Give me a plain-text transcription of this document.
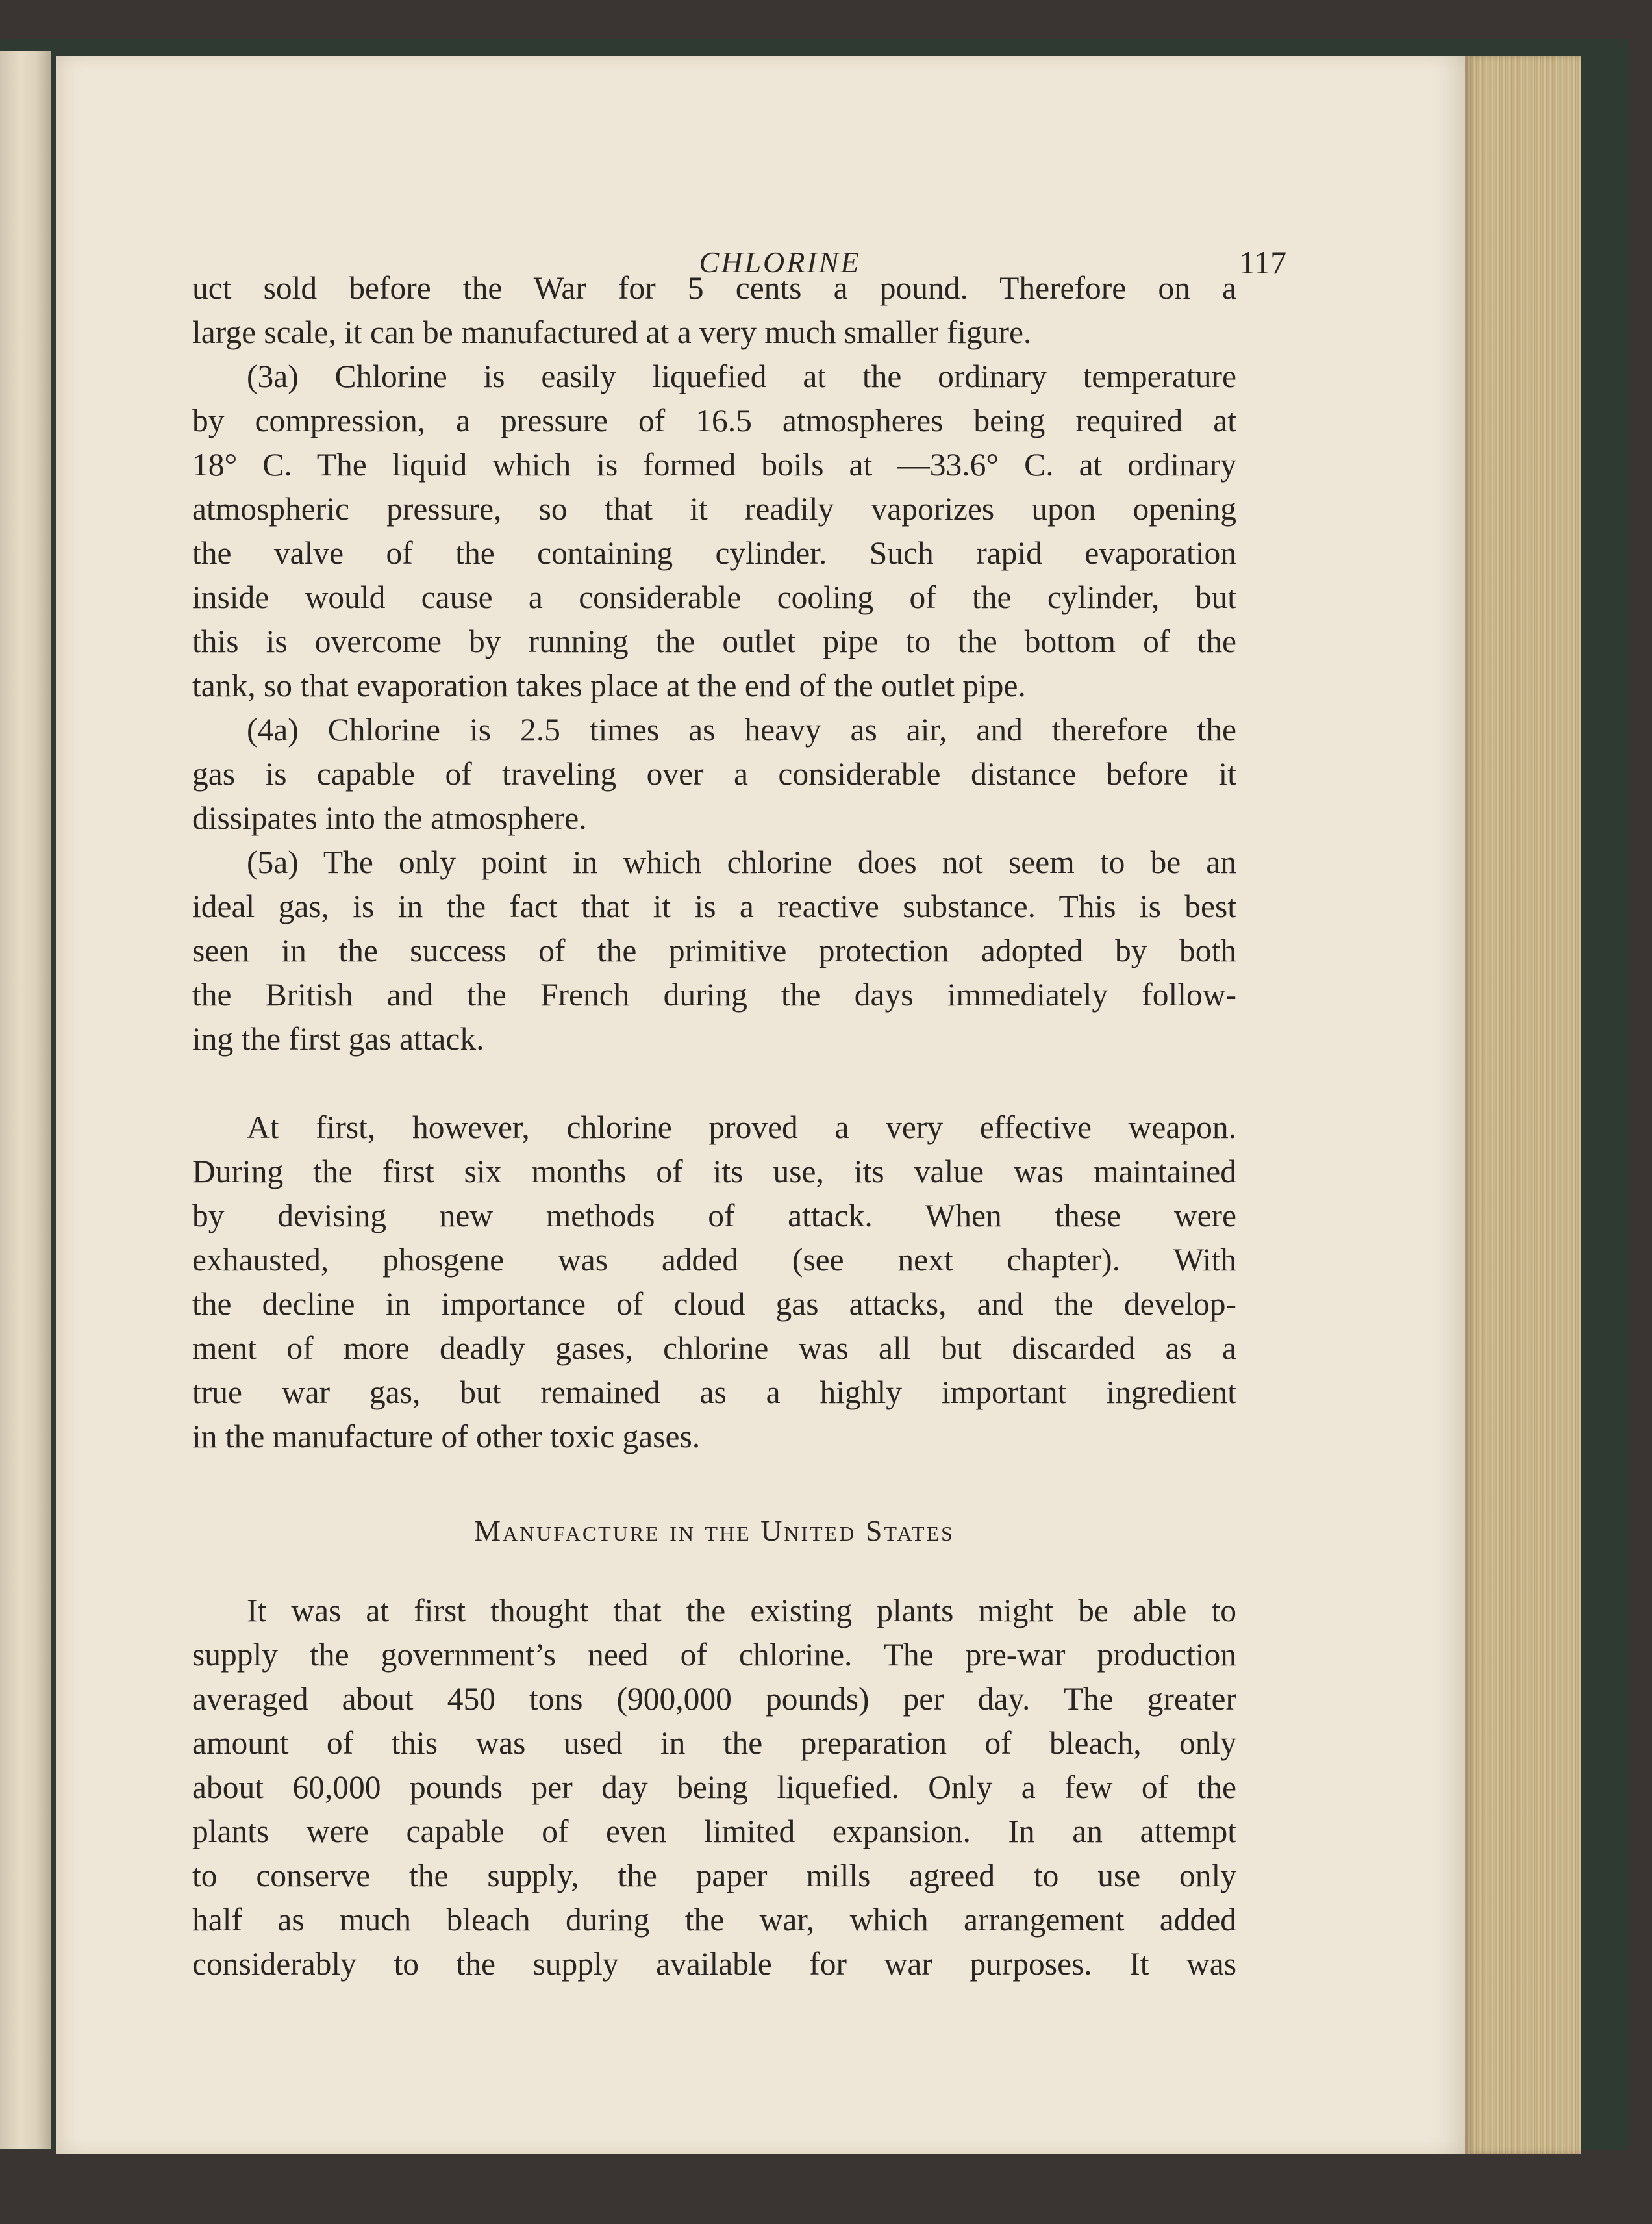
CHLORINE	117
uct sold before the War for 5 cents a pound. Therefore on a
large scale, it can be manufactured at a very much smaller figure.
(3a) Chlorine is easily liquefied at the ordinary temperature
by compression, a pressure of 16.5 atmospheres being required at
18° C. The liquid which is formed boils at —33.6° C. at ordinary
atmospheric pressure, so that it readily vaporizes upon opening
the valve of the containing cylinder. Such rapid evaporation
inside would cause a considerable cooling of the cylinder, but
this is overcome by running the outlet pipe to the bottom of the
tank, so that evaporation takes place at the end of the outlet pipe.
(4a) Chlorine is 2.5 times as heavy as air, and therefore the
gas is capable of traveling over a considerable distance before it
dissipates into the atmosphere.
(5a) The only point in which chlorine does not seem to be an
ideal gas, is in the fact that it is a reactive substance. This is best
seen in the success of the primitive protection adopted by both
the British and the French during the days immediately follow-
ing the first gas attack.
At first, however, chlorine proved a very effective weapon.
During the first six months of its use, its value was maintained
by devising new methods of attack. When these were
exhausted, phosgene was added (see next chapter). With
the decline in importance of cloud gas attacks, and the develop-
ment of more deadly gases, chlorine was all but discarded as a
true war gas, but remained as a highly important ingredient
in the manufacture of other toxic gases.
Manufacture in the United States
It was at first thought that the existing plants might be able to
supply the government’s need of chlorine. The pre-war production
averaged about 450 tons (900,000 pounds) per day. The greater
amount of this was used in the preparation of bleach, only
about 60,000 pounds per day being liquefied. Only a few of the
plants were capable of even limited expansion. In an attempt
to conserve the supply, the paper mills agreed to use only
half as much bleach during the war, which arrangement added
considerably to the supply available for war purposes. It was
